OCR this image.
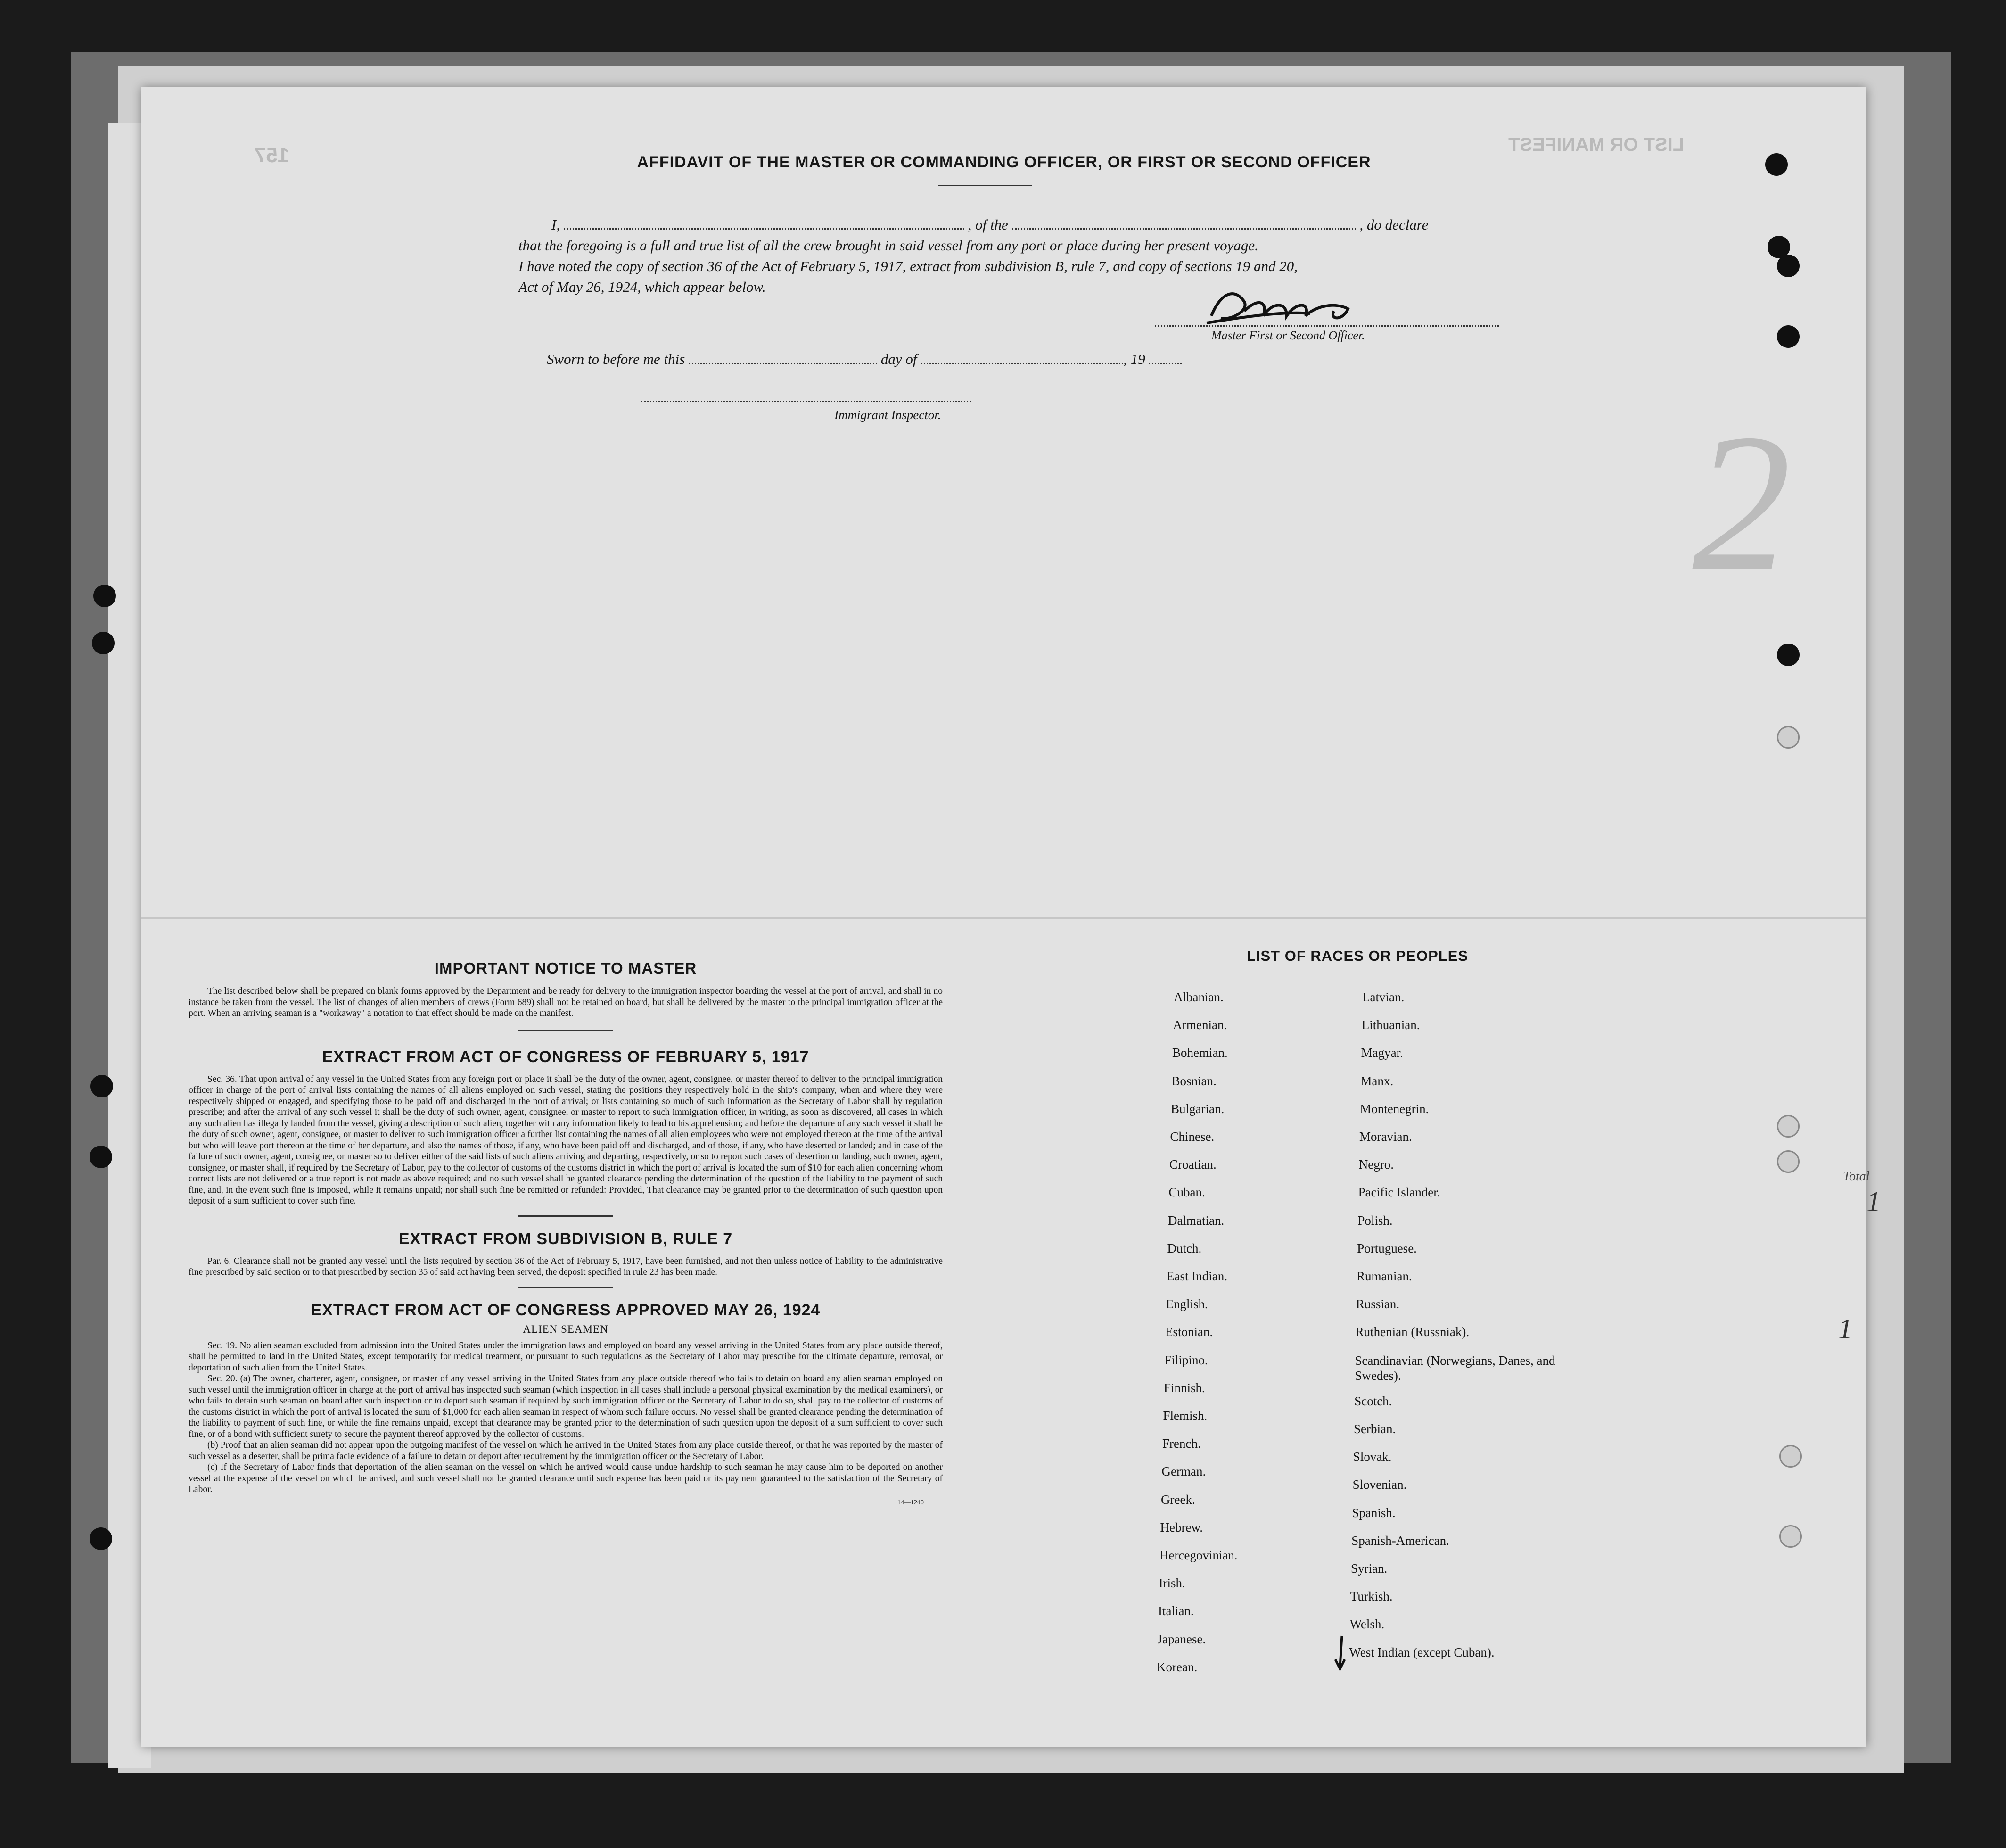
LIST OR MANIFEST
157	AFFIDAVIT OF THE MASTER OR COMMANDING OFFICER, OR FIRST OR SECOND OFFICER
I,	, of the	, do declare
that the foregoing is a full and true list of all the crew brought in said vessel from any port or place during her present voyage.
I have noted the copy of section 36 of the Act of February 5, 1917, extract from subdivision B, rule 7, and copy of sections 19 and 20,
Act of May 26, 1924, which appear below.
Master First or Second Officer.
Sworn to before me this	day of	, 19
Immigrant Inspector.	2
IMPORTANT NOTICE TO MASTER
The list described below shall be prepared on blank forms approved by the Department and be ready for delivery to the immigration inspector boarding the vessel at the port of arrival, and shall in no instance be taken from the vessel. The list of changes of alien members of crews (Form 689) shall not be retained on board, but shall be delivered by the master to the principal immigration officer at the port. When an arriving seaman is a "workaway" a notation to that effect should be made on the manifest.
EXTRACT FROM ACT OF CONGRESS OF FEBRUARY 5, 1917
Sec. 36. That upon arrival of any vessel in the United States from any foreign port or place it shall be the duty of the owner, agent, consignee, or master thereof to deliver to the principal immigration officer in charge of the port of arrival lists containing the names of all aliens employed on such vessel, stating the positions they respectively hold in the ship's company, when and where they were respectively shipped or engaged, and specifying those to be paid off and discharged in the port of arrival; or lists containing so much of such information as the Secretary of Labor shall by regulation prescribe; and after the arrival of any such vessel it shall be the duty of such owner, agent, consignee, or master to report to such immigration officer, in writing, as soon as discovered, all cases in which any such alien has illegally landed from the vessel, giving a description of such alien, together with any information likely to lead to his apprehension; and before the departure of any such vessel it shall be the duty of such owner, agent, consignee, or master to deliver to such immigration officer a further list containing the names of all alien employees who were not employed thereon at the time of the arrival but who will leave port thereon at the time of her departure, and also the names of those, if any, who have been paid off and discharged, and of those, if any, who have deserted or landed; and in case of the failure of such owner, agent, consignee, or master so to deliver either of the said lists of such aliens arriving and departing, respectively, or so to report such cases of desertion or landing, such owner, agent, consignee, or master shall, if required by the Secretary of Labor, pay to the collector of customs of the customs district in which the port of arrival is located the sum of $10 for each alien concerning whom correct lists are not delivered or a true report is not made as above required; and no such vessel shall be granted clearance pending the determination of the question of the liability to the payment of such fine, and, in the event such fine is imposed, while it remains unpaid; nor shall such fine be remitted or refunded: Provided, That clearance may be granted prior to the determination of such question upon deposit of a sum sufficient to cover such fine.
EXTRACT FROM SUBDIVISION B, RULE 7
Par. 6. Clearance shall not be granted any vessel until the lists required by section 36 of the Act of February 5, 1917, have been furnished, and not then unless notice of liability to the administrative fine prescribed by said section or to that prescribed by section 35 of said act having been served, the deposit specified in rule 23 has been made.
EXTRACT FROM ACT OF CONGRESS APPROVED MAY 26, 1924
ALIEN SEAMEN
Sec. 19. No alien seaman excluded from admission into the United States under the immigration laws and employed on board any vessel arriving in the United States from any place outside thereof, shall be permitted to land in the United States, except temporarily for medical treatment, or pursuant to such regulations as the Secretary of Labor may prescribe for the ultimate departure, removal, or deportation of such alien from the United States.
Sec. 20. (a) The owner, charterer, agent, consignee, or master of any vessel arriving in the United States from any place outside thereof who fails to detain on board any alien seaman employed on such vessel until the immigration officer in charge at the port of arrival has inspected such seaman (which inspection in all cases shall include a personal physical examination by the medical examiners), or who fails to detain such seaman on board after such inspection or to deport such seaman if required by such immigration officer or the Secretary of Labor to do so, shall pay to the collector of customs of the customs district in which the port of arrival is located the sum of $1,000 for each alien seaman in respect of whom such failure occurs. No vessel shall be granted clearance pending the determination of the liability to payment of such fine, or while the fine remains unpaid, except that clearance may be granted prior to the determination of such question upon the deposit of a sum sufficient to cover such fine, or of a bond with sufficient surety to secure the payment thereof approved by the collector of customs.
(b) Proof that an alien seaman did not appear upon the outgoing manifest of the vessel on which he arrived in the United States from any place outside thereof, or that he was reported by the master of such vessel as a deserter, shall be prima facie evidence of a failure to detain or deport after requirement by the immigration officer or the Secretary of Labor.
(c) If the Secretary of Labor finds that deportation of the alien seaman on the vessel on which he arrived would cause undue hardship to such seaman he may cause him to be deported on another vessel at the expense of the vessel on which he arrived, and such vessel shall not be granted clearance until such expense has been paid or its payment guaranteed to the satisfaction of the Secretary of Labor.
14—1240
LIST OF RACES OR PEOPLES
Total
1
1
Albanian.
Armenian.
Bohemian.
Bosnian.
Bulgarian.
Chinese.
Croatian.
Cuban.
Dalmatian.
Dutch.
East Indian.
English.
Estonian.
Filipino.
Finnish.
Flemish.
French.
German.
Greek.
Hebrew.
Hercegovinian.
Irish.
Italian.
Japanese.
Korean.
Latvian.
Lithuanian.
Magyar.
Manx.
Montenegrin.
Moravian.
Negro.
Pacific Islander.
Polish.
Portuguese.
Rumanian.
Russian.
Ruthenian (Russniak).
Scandinavian (Norwegians, Danes, and Swedes).
Scotch.
Serbian.
Slovak.
Slovenian.
Spanish.
Spanish-American.
Syrian.
Turkish.
Welsh.
West Indian (except Cuban).
